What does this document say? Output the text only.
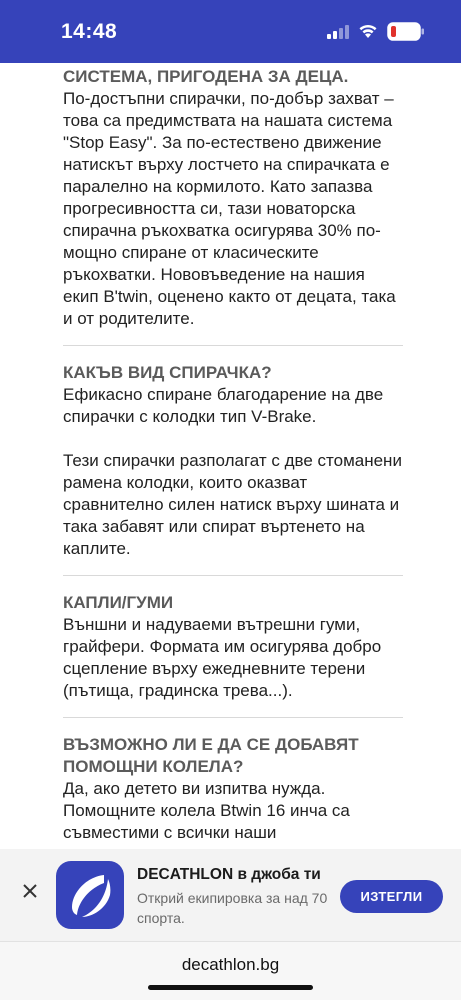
14:48

СИСТЕМА, ПРИГОДЕНА ЗА ДЕЦА.

По-достъпни спирачки, по-добър захват – това са предимствата на нашата система "Stop Easy". За по-естествено движение натискът върху лостчето на спирачката е паралелно на кормилото. Като запазва прогресивността си, тази новаторска спирачна ръкохватка осигурява 30% по-мощно спиране от класическите ръкохватки. Нововъведение на нашия екип B'twin, оценено както от децата, така и от родителите.

КАКЪВ ВИД СПИРАЧКА?

Ефикасно спиране благодарение на две спирачки с колодки тип V-Brake.

Тези спирачки разполагат с две стоманени рамена колодки, които оказват сравнително силен натиск върху шината и така забавят или спират въртенето на каплите.

КАПЛИ/ГУМИ

Външни и надуваеми вътрешни гуми, грайфери. Формата им осигурява добро сцепление върху ежедневните терени (пътища, градинска трева...).

ВЪЗМОЖНО ЛИ Е ДА СЕ ДОБАВЯТ ПОМОЩНИ КОЛЕЛА?

Да, ако детето ви изпитва нужда. Помощните колела Btwin 16 инча са съвместими с всички наши

DECATHLON в джоба ти
Открий екипировка за над 70 спорта.
ИЗТЕГЛИ
decathlon.bg
